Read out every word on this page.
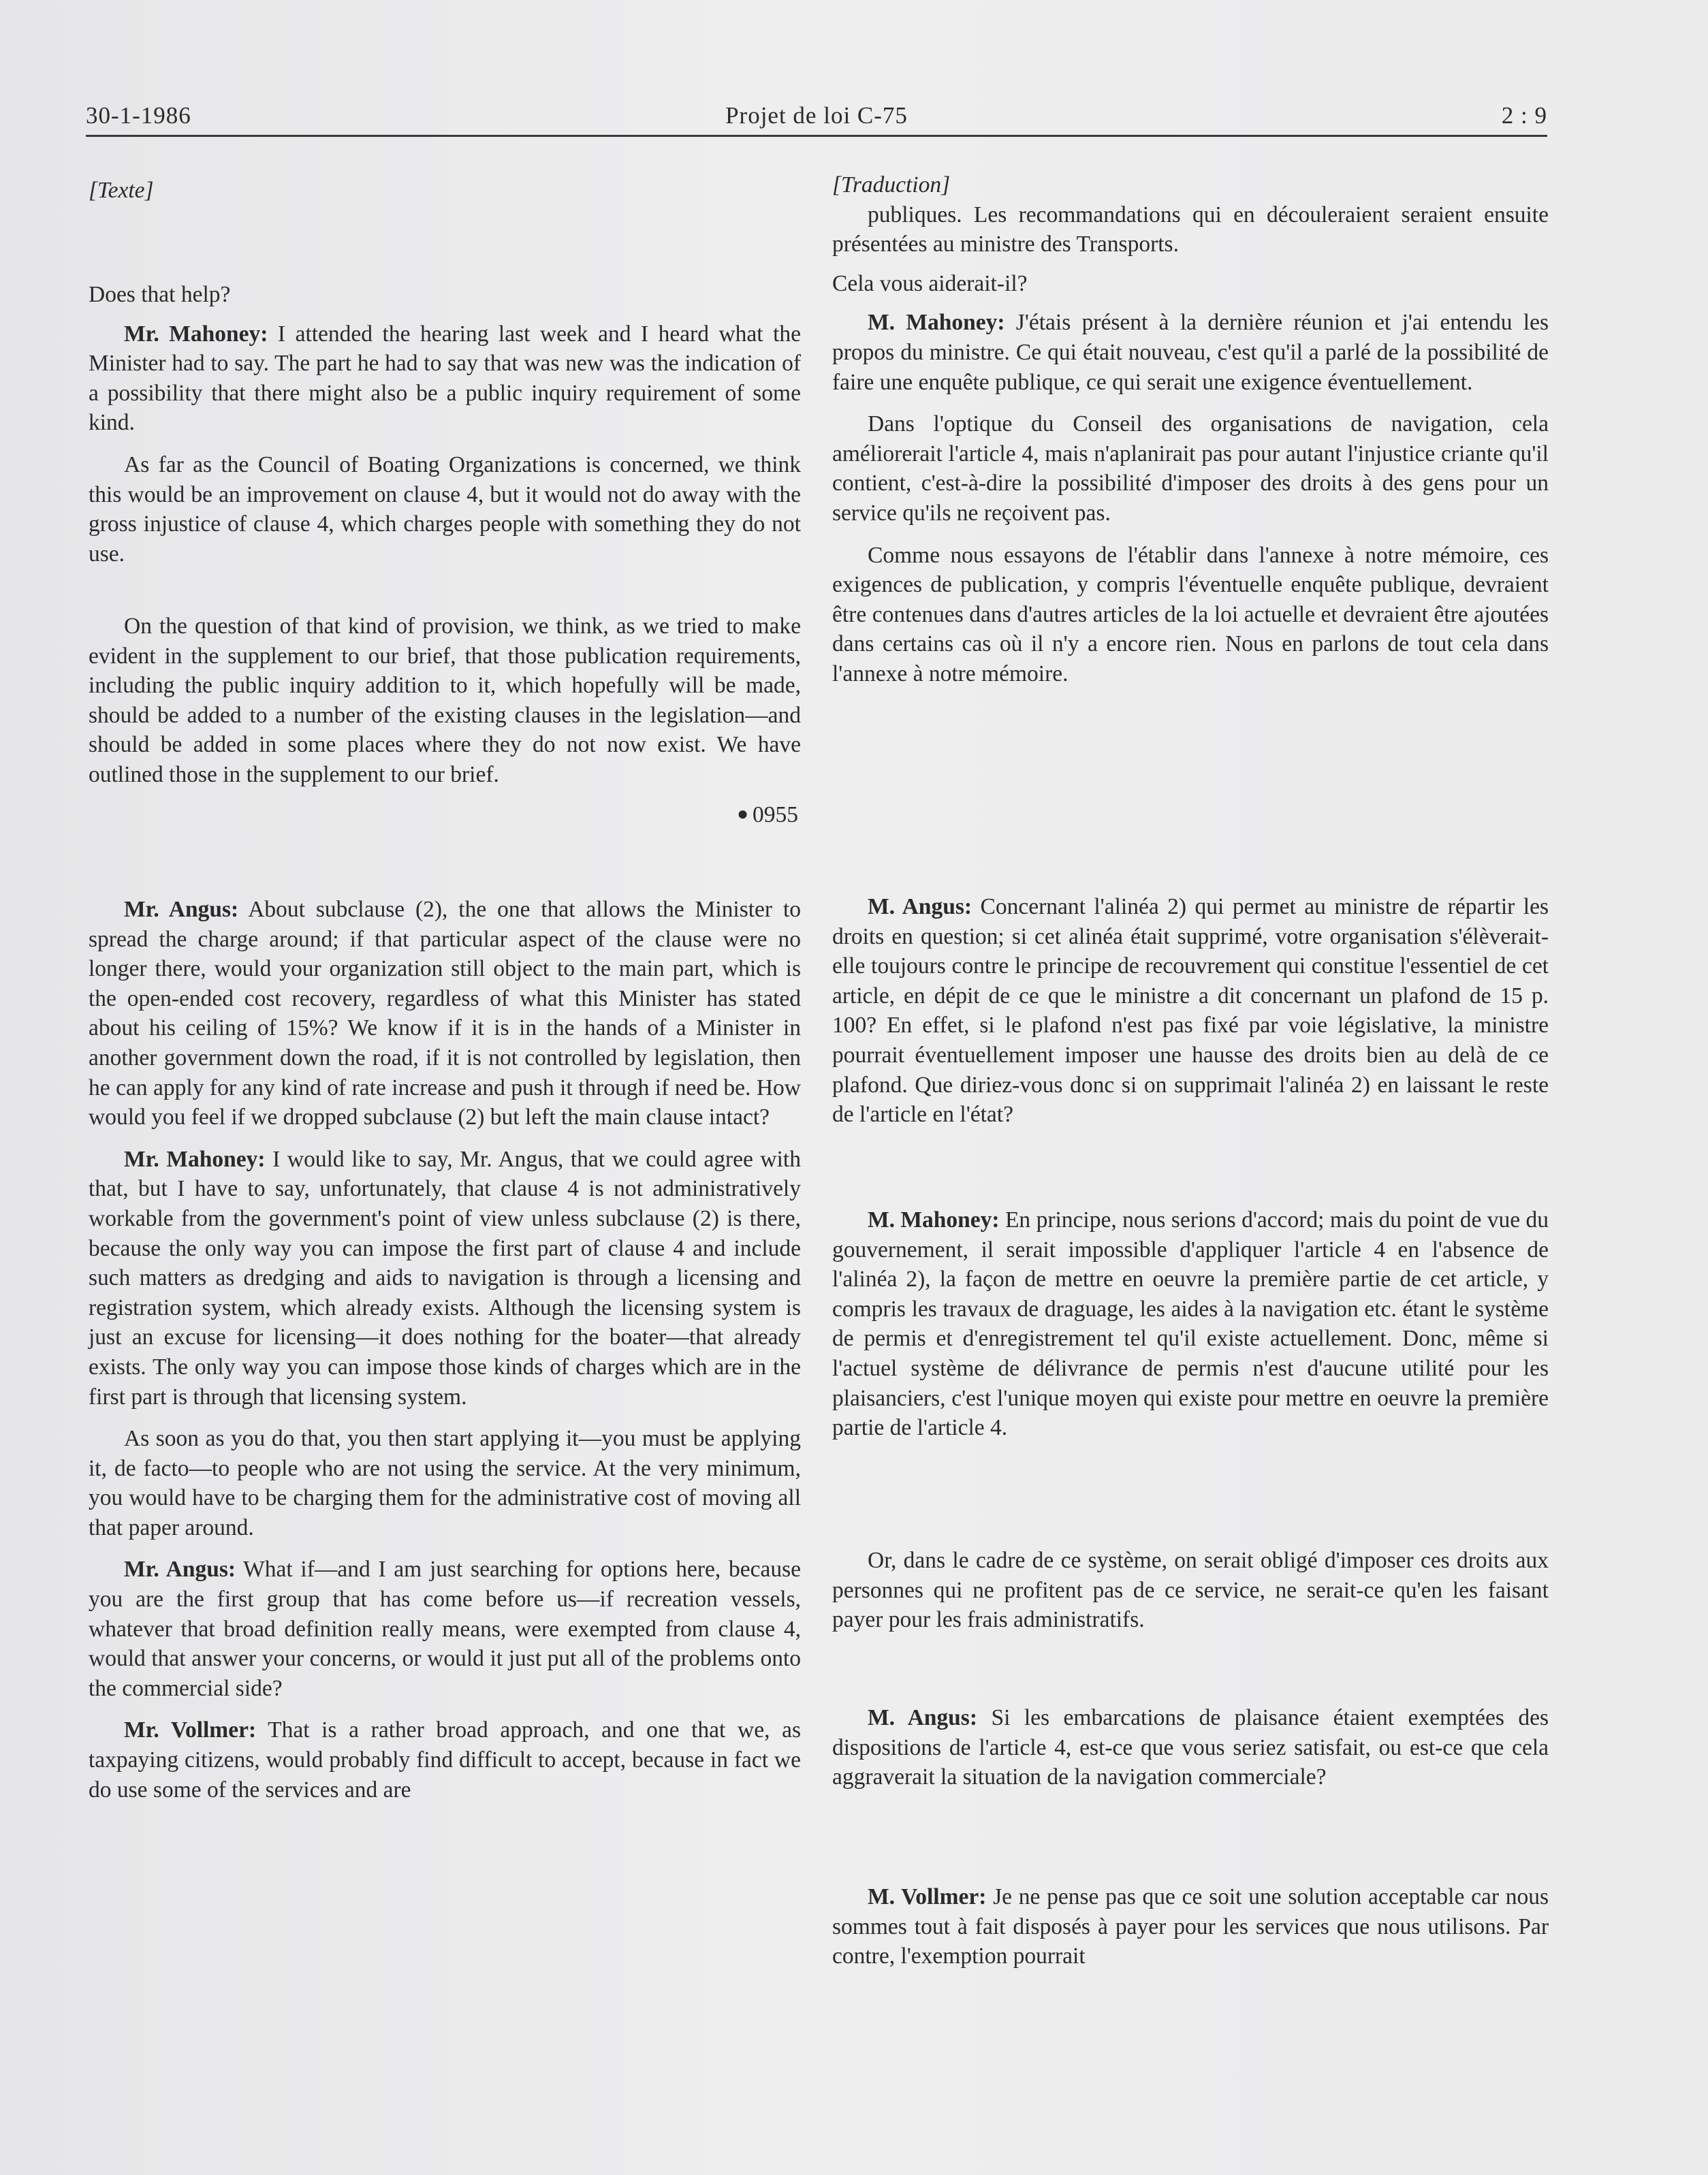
30-1-1986	Projet de loi C-75	2 : 9

[Texte]

Does that help?

Mr. Mahoney: I attended the hearing last week and I heard what the Minister had to say. The part he had to say that was new was the indication of a possibility that there might also be a public inquiry requirement of some kind.

As far as the Council of Boating Organizations is concerned, we think this would be an improvement on clause 4, but it would not do away with the gross injustice of clause 4, which charges people with something they do not use.

On the question of that kind of provision, we think, as we tried to make evident in the supplement to our brief, that those publication requirements, including the public inquiry addition to it, which hopefully will be made, should be added to a number of the existing clauses in the legislation—and should be added in some places where they do not now exist. We have outlined those in the supplement to our brief.

● 0955

Mr. Angus: About subclause (2), the one that allows the Minister to spread the charge around; if that particular aspect of the clause were no longer there, would your organization still object to the main part, which is the open-ended cost recovery, regardless of what this Minister has stated about his ceiling of 15%? We know if it is in the hands of a Minister in another government down the road, if it is not controlled by legislation, then he can apply for any kind of rate increase and push it through if need be. How would you feel if we dropped subclause (2) but left the main clause intact?

Mr. Mahoney: I would like to say, Mr. Angus, that we could agree with that, but I have to say, unfortunately, that clause 4 is not administratively workable from the government's point of view unless subclause (2) is there, because the only way you can impose the first part of clause 4 and include such matters as dredging and aids to navigation is through a licensing and registration system, which already exists. Although the licensing system is just an excuse for licensing—it does nothing for the boater—that already exists. The only way you can impose those kinds of charges which are in the first part is through that licensing system.

As soon as you do that, you then start applying it—you must be applying it, de facto—to people who are not using the service. At the very minimum, you would have to be charging them for the administrative cost of moving all that paper around.

Mr. Angus: What if—and I am just searching for options here, because you are the first group that has come before us—if recreation vessels, whatever that broad definition really means, were exempted from clause 4, would that answer your concerns, or would it just put all of the problems onto the commercial side?

Mr. Vollmer: That is a rather broad approach, and one that we, as taxpaying citizens, would probably find difficult to accept, because in fact we do use some of the services and are

[Traduction]

publiques. Les recommandations qui en découleraient seraient ensuite présentées au ministre des Transports.

Cela vous aiderait-il?

M. Mahoney: J'étais présent à la dernière réunion et j'ai entendu les propos du ministre. Ce qui était nouveau, c'est qu'il a parlé de la possibilité de faire une enquête publique, ce qui serait une exigence éventuellement.

Dans l'optique du Conseil des organisations de navigation, cela améliorerait l'article 4, mais n'aplanirait pas pour autant l'injustice criante qu'il contient, c'est-à-dire la possibilité d'imposer des droits à des gens pour un service qu'ils ne reçoivent pas.

Comme nous essayons de l'établir dans l'annexe à notre mémoire, ces exigences de publication, y compris l'éventuelle enquête publique, devraient être contenues dans d'autres articles de la loi actuelle et devraient être ajoutées dans certains cas où il n'y a encore rien. Nous en parlons de tout cela dans l'annexe à notre mémoire.

M. Angus: Concernant l'alinéa 2) qui permet au ministre de répartir les droits en question; si cet alinéa était supprimé, votre organisation s'élèverait-elle toujours contre le principe de recouvrement qui constitue l'essentiel de cet article, en dépit de ce que le ministre a dit concernant un plafond de 15 p. 100? En effet, si le plafond n'est pas fixé par voie législative, la ministre pourrait éventuellement imposer une hausse des droits bien au delà de ce plafond. Que diriez-vous donc si on supprimait l'alinéa 2) en laissant le reste de l'article en l'état?

M. Mahoney: En principe, nous serions d'accord; mais du point de vue du gouvernement, il serait impossible d'appliquer l'article 4 en l'absence de l'alinéa 2), la façon de mettre en oeuvre la première partie de cet article, y compris les travaux de draguage, les aides à la navigation etc. étant le système de permis et d'enregistrement tel qu'il existe actuellement. Donc, même si l'actuel système de délivrance de permis n'est d'aucune utilité pour les plaisanciers, c'est l'unique moyen qui existe pour mettre en oeuvre la première partie de l'article 4.

Or, dans le cadre de ce système, on serait obligé d'imposer ces droits aux personnes qui ne profitent pas de ce service, ne serait-ce qu'en les faisant payer pour les frais administratifs.

M. Angus: Si les embarcations de plaisance étaient exemptées des dispositions de l'article 4, est-ce que vous seriez satisfait, ou est-ce que cela aggraverait la situation de la navigation commerciale?

M. Vollmer: Je ne pense pas que ce soit une solution acceptable car nous sommes tout à fait disposés à payer pour les services que nous utilisons. Par contre, l'exemption pourrait
